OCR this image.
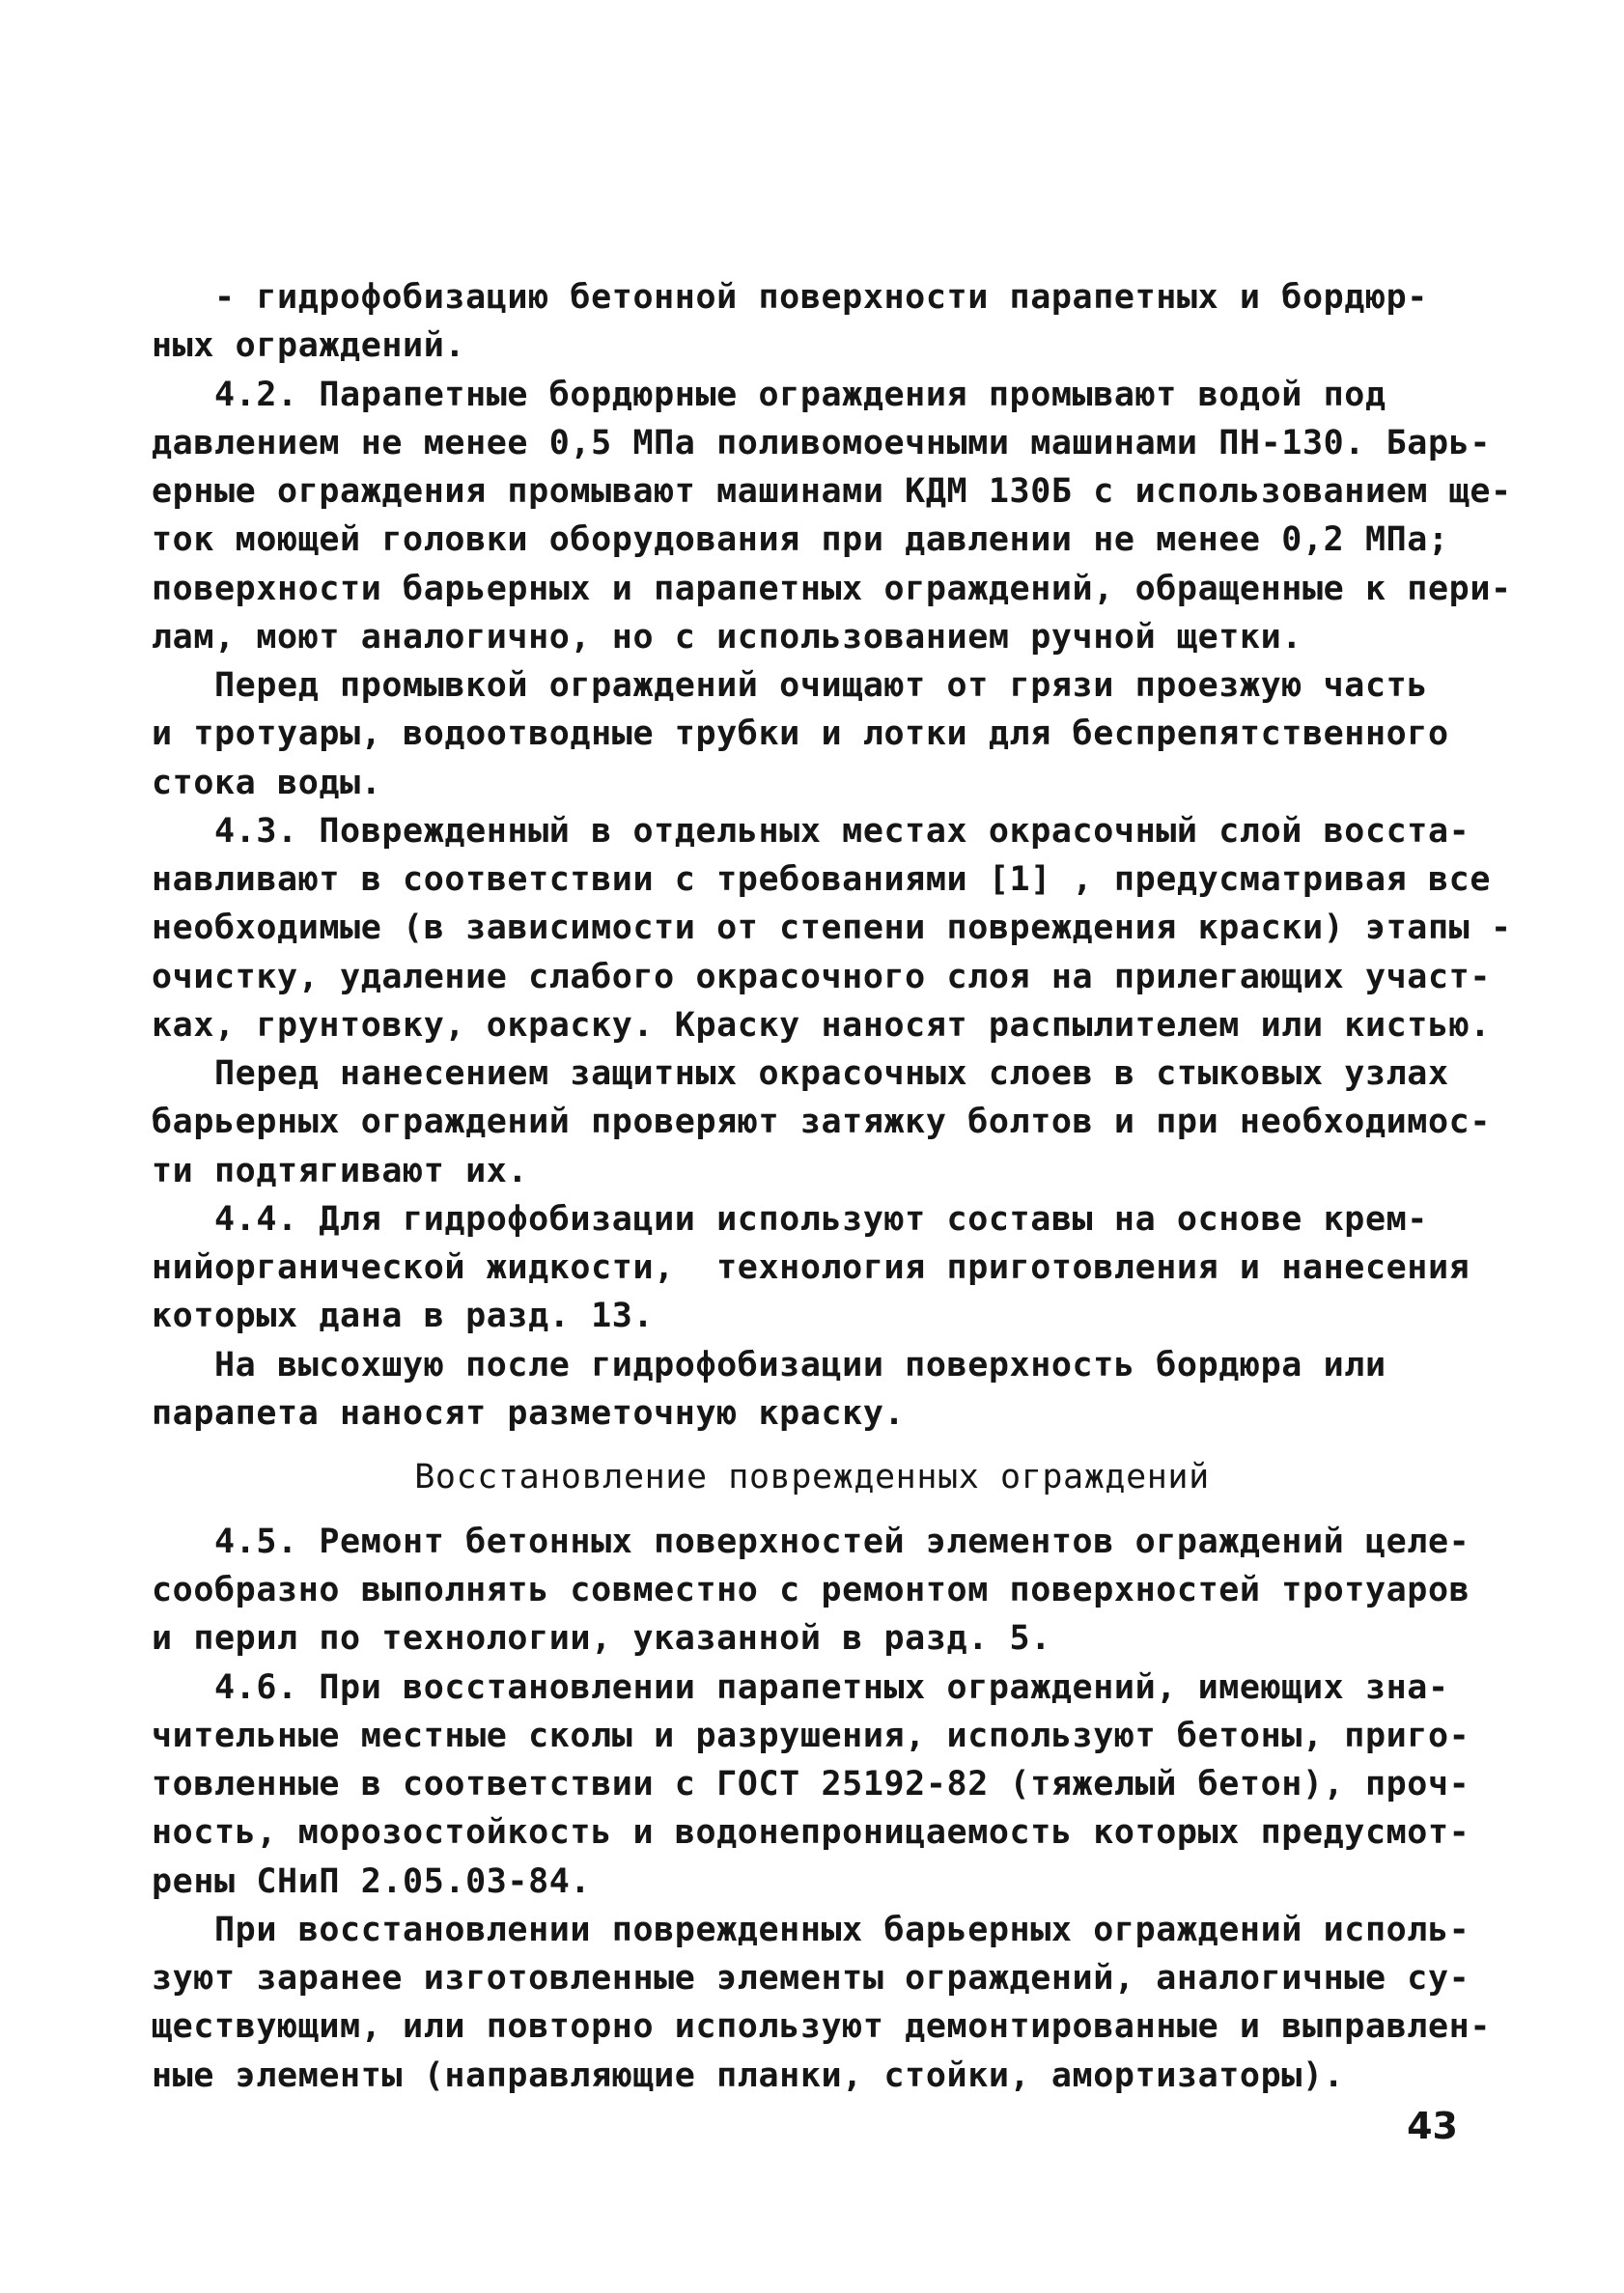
- гидрофобизацию бетонной поверхности парапетных и бордюр-
ных ограждений.
4.2. Парапетные бордюрные ограждения промывают водой под
давлением не менее 0,5 МПа поливомоечными машинами ПН-130. Барь-
ерные ограждения промывают машинами КДМ 130Б с использованием ще-
ток моющей головки оборудования при давлении не менее 0,2 МПа;
поверхности барьерных и парапетных ограждений, обращенные к пери-
лам, моют аналогично, но с использованием ручной щетки.
Перед промывкой ограждений очищают от грязи проезжую часть
и тротуары, водоотводные трубки и лотки для беспрепятственного
стока воды.
4.3. Поврежденный в отдельных местах окрасочный слой восста-
навливают в соответствии с требованиями [1] , предусматривая все
необходимые (в зависимости от степени повреждения краски) этапы -
очистку, удаление слабого окрасочного слоя на прилегающих участ-
ках, грунтовку, окраску. Краску наносят распылителем или кистью.
Перед нанесением защитных окрасочных слоев в стыковых узлах
барьерных ограждений проверяют затяжку болтов и при необходимос-
ти подтягивают их.
4.4. Для гидрофобизации используют составы на основе крем-
нийорганической жидкости,  технология приготовления и нанесения
которых дана в разд. 13.
На высохшую после гидрофобизации поверхность бордюра или
парапета наносят разметочную краску.
Восстановление поврежденных ограждений
4.5. Ремонт бетонных поверхностей элементов ограждений целе-
сообразно выполнять совместно с ремонтом поверхностей тротуаров
и перил по технологии, указанной в разд. 5.
4.6. При восстановлении парапетных ограждений, имеющих зна-
чительные местные сколы и разрушения, используют бетоны, приго-
товленные в соответствии с ГОСТ 25192-82 (тяжелый бетон), проч-
ность, морозостойкость и водонепроницаемость которых предусмот-
рены СНиП 2.05.03-84.
При восстановлении поврежденных барьерных ограждений исполь-
зуют заранее изготовленные элементы ограждений, аналогичные су-
ществующим, или повторно используют демонтированные и выправлен-
ные элементы (направляющие планки, стойки, амортизаторы).
43
